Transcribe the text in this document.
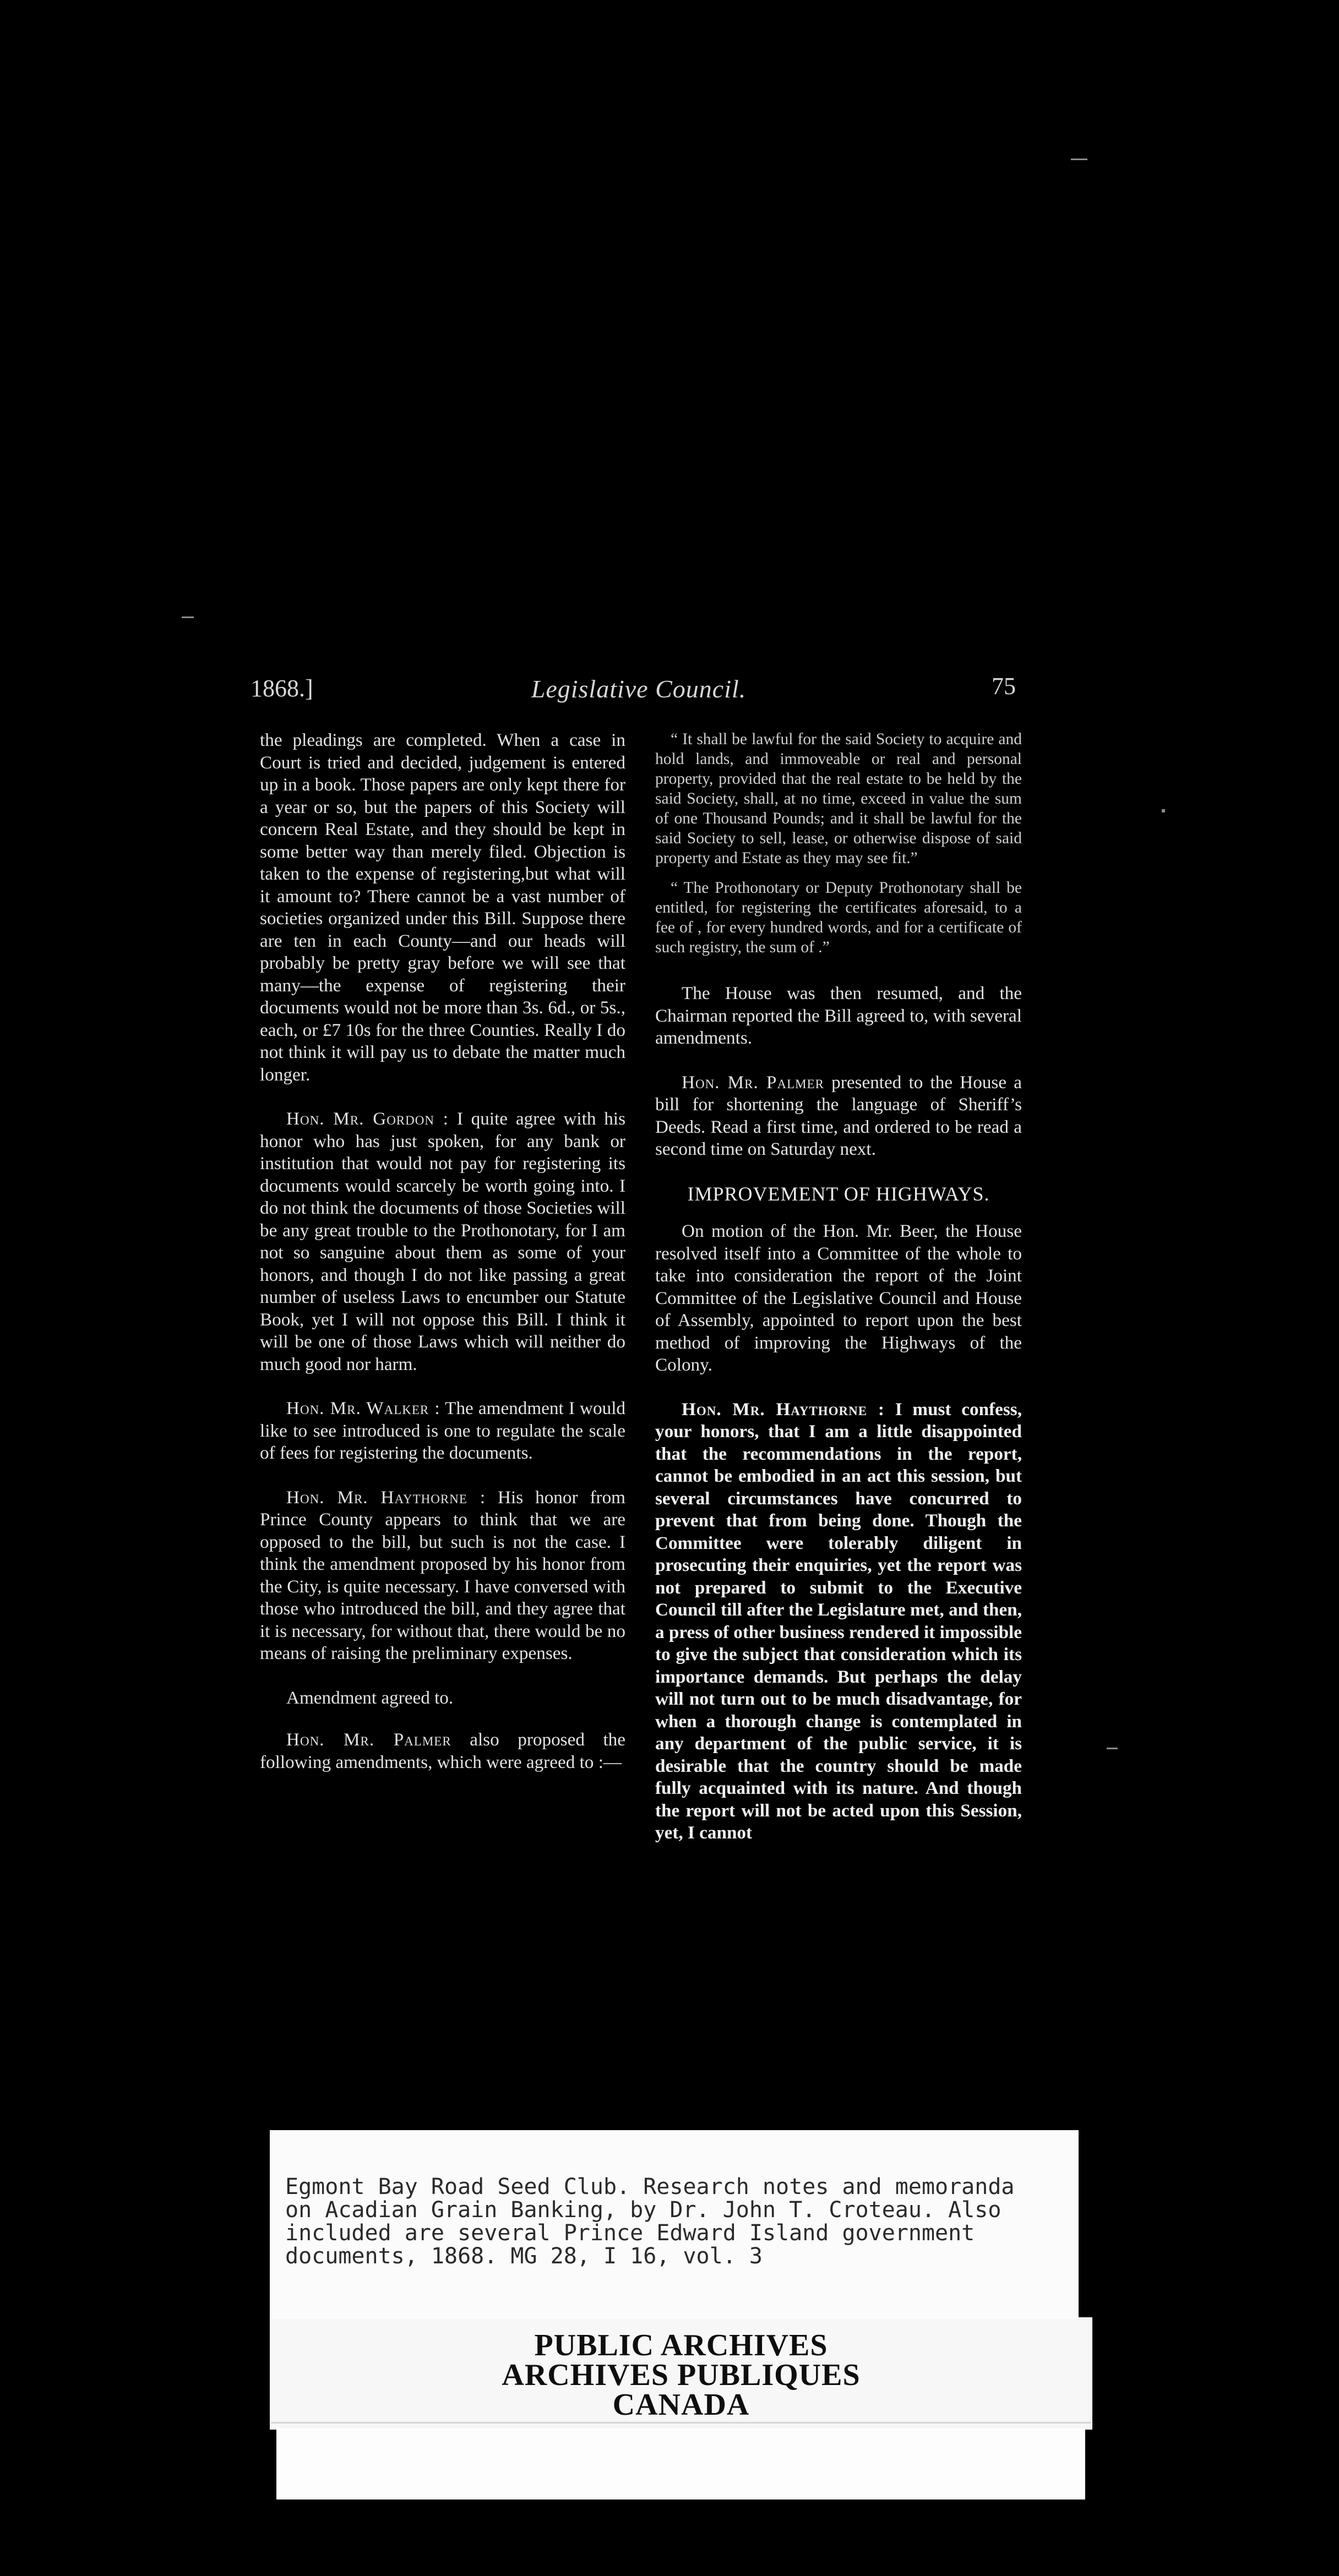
1868.]	Legislative Council.	75

the pleadings are completed. When a case in Court is tried and decided, judgement is entered up in a book. Those papers are only kept there for a year or so, but the papers of this Society will concern Real Estate, and they should be kept in some better way than merely filed. Objection is taken to the expense of registering,but what will it amount to? There cannot be a vast number of societies organized under this Bill. Suppose there are ten in each County—and our heads will probably be pretty gray before we will see that many—the expense of registering their documents would not be more than 3s. 6d., or 5s., each, or £7 10s for the three Counties. Really I do not think it will pay us to debate the matter much longer.

Hon. Mr. Gordon : I quite agree with his honor who has just spoken, for any bank or institution that would not pay for registering its documents would scarcely be worth going into. I do not think the documents of those Societies will be any great trouble to the Prothonotary, for I am not so sanguine about them as some of your honors, and though I do not like passing a great number of useless Laws to encumber our Statute Book, yet I will not oppose this Bill. I think it will be one of those Laws which will neither do much good nor harm.

Hon. Mr. Walker : The amendment I would like to see introduced is one to regulate the scale of fees for registering the documents.

Hon. Mr. Haythorne : His honor from Prince County appears to think that we are opposed to the bill, but such is not the case. I think the amendment proposed by his honor from the City, is quite necessary. I have conversed with those who introduced the bill, and they agree that it is necessary, for without that, there would be no means of raising the preliminary expenses.

Amendment agreed to.

Hon. Mr. Palmer also proposed the following amendments, which were agreed to :—

“ It shall be lawful for the said Society to acquire and hold lands, and immoveable or real and personal property, provided that the real estate to be held by the said Society, shall, at no time, exceed in value the sum of one Thousand Pounds; and it shall be lawful for the said Society to sell, lease, or otherwise dispose of said property and Estate as they may see fit.”

“ The Prothonotary or Deputy Prothonotary shall be entitled, for registering the certificates aforesaid, to a fee of , for every hundred words, and for a certificate of such registry, the sum of .”

The House was then resumed, and the Chairman reported the Bill agreed to, with several amendments.

Hon. Mr. Palmer presented to the House a bill for shortening the language of Sheriff’s Deeds. Read a first time, and ordered to be read a second time on Saturday next.

IMPROVEMENT OF HIGHWAYS.

On motion of the Hon. Mr. Beer, the House resolved itself into a Committee of the whole to take into consideration the report of the Joint Committee of the Legislative Council and House of Assembly, appointed to report upon the best method of improving the Highways of the Colony.

Hon. Mr. Haythorne : I must confess, your honors, that I am a little disappointed that the recommendations in the report, cannot be embodied in an act this session, but several circumstances have concurred to prevent that from being done. Though the Committee were tolerably diligent in prosecuting their enquiries, yet the report was not prepared to submit to the Executive Council till after the Legislature met, and then, a press of other business rendered it impossible to give the subject that consideration which its importance demands. But perhaps the delay will not turn out to be much disadvantage, for when a thorough change is contemplated in any department of the public service, it is desirable that the country should be made fully acquainted with its nature. And though the report will not be acted upon this Session, yet, I cannot

Egmont Bay Road Seed Club. Research notes and memoranda
on Acadian Grain Banking, by Dr. John T. Croteau. Also
included are several Prince Edward Island government
documents, 1868. MG 28, I 16, vol. 3
PUBLIC ARCHIVES
ARCHIVES PUBLIQUES
CANADA
